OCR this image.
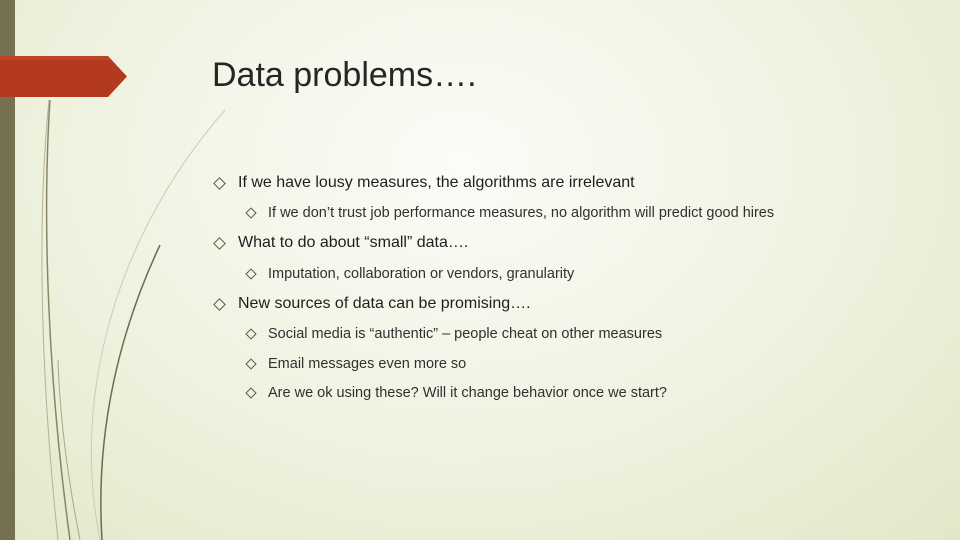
Data problems….
If we have lousy measures, the algorithms are irrelevant
If we don’t trust job performance measures, no algorithm will predict good hires
What to do about “small” data….
Imputation, collaboration or vendors, granularity
New sources of data can be promising….
Social media is “authentic” – people cheat on other measures
Email messages even more so
Are we ok using these? Will it change behavior once we start?
